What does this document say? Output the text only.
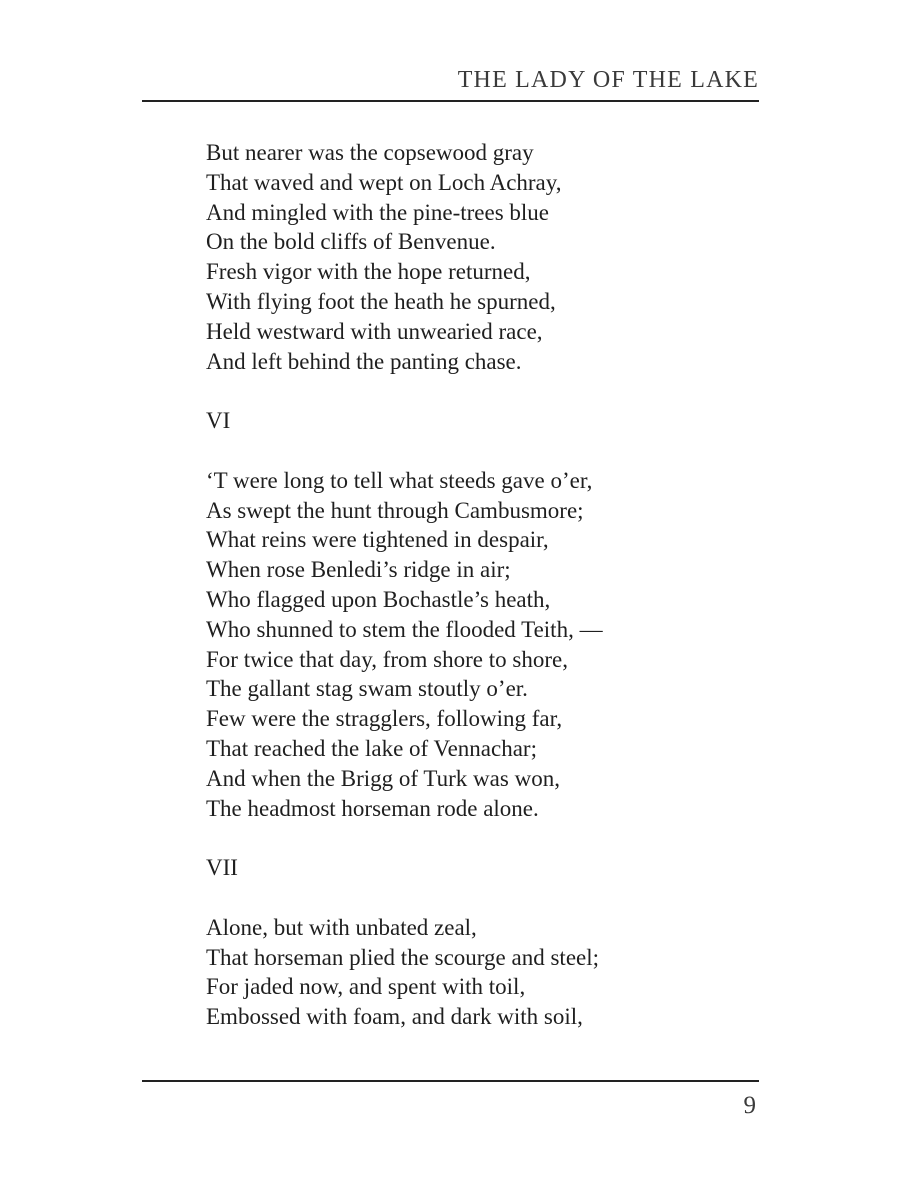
THE LADY OF THE LAKE
But nearer was the copsewood gray
That waved and wept on Loch Achray,
And mingled with the pine-trees blue
On the bold cliffs of Benvenue.
Fresh vigor with the hope returned,
With flying foot the heath he spurned,
Held westward with unwearied race,
And left behind the panting chase.
VI
‘T were long to tell what steeds gave o’er,
As swept the hunt through Cambusmore;
What reins were tightened in despair,
When rose Benledi’s ridge in air;
Who flagged upon Bochastle’s heath,
Who shunned to stem the flooded Teith, —
For twice that day, from shore to shore,
The gallant stag swam stoutly o’er.
Few were the stragglers, following far,
That reached the lake of Vennachar;
And when the Brigg of Turk was won,
The headmost horseman rode alone.
VII
Alone, but with unbated zeal,
That horseman plied the scourge and steel;
For jaded now, and spent with toil,
Embossed with foam, and dark with soil,
9
